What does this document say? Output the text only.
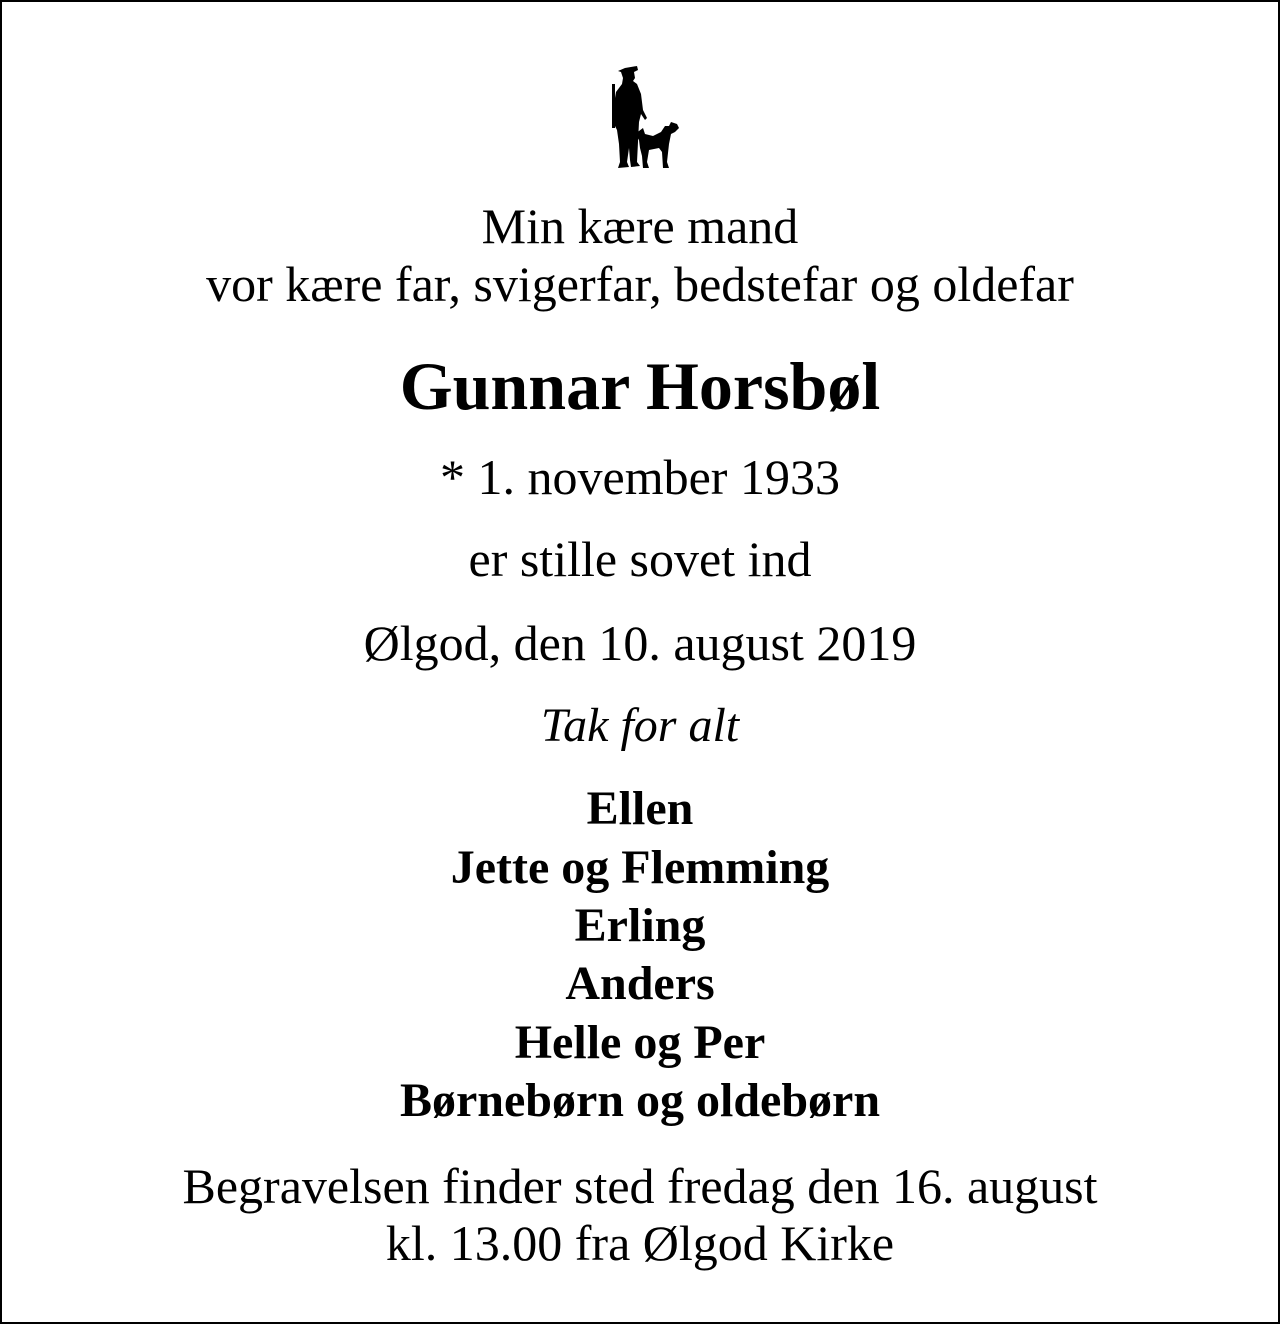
Min kære mand
vor kære far, svigerfar, bedstefar og oldefar
Gunnar Horsbøl
* 1. november 1933
er stille sovet ind
Ølgod, den 10. august 2019
Tak for alt
Ellen
Jette og Flemming
Erling
Anders
Helle og Per
Børnebørn og oldebørn
Begravelsen finder sted fredag den 16. august
kl. 13.00 fra Ølgod Kirke
